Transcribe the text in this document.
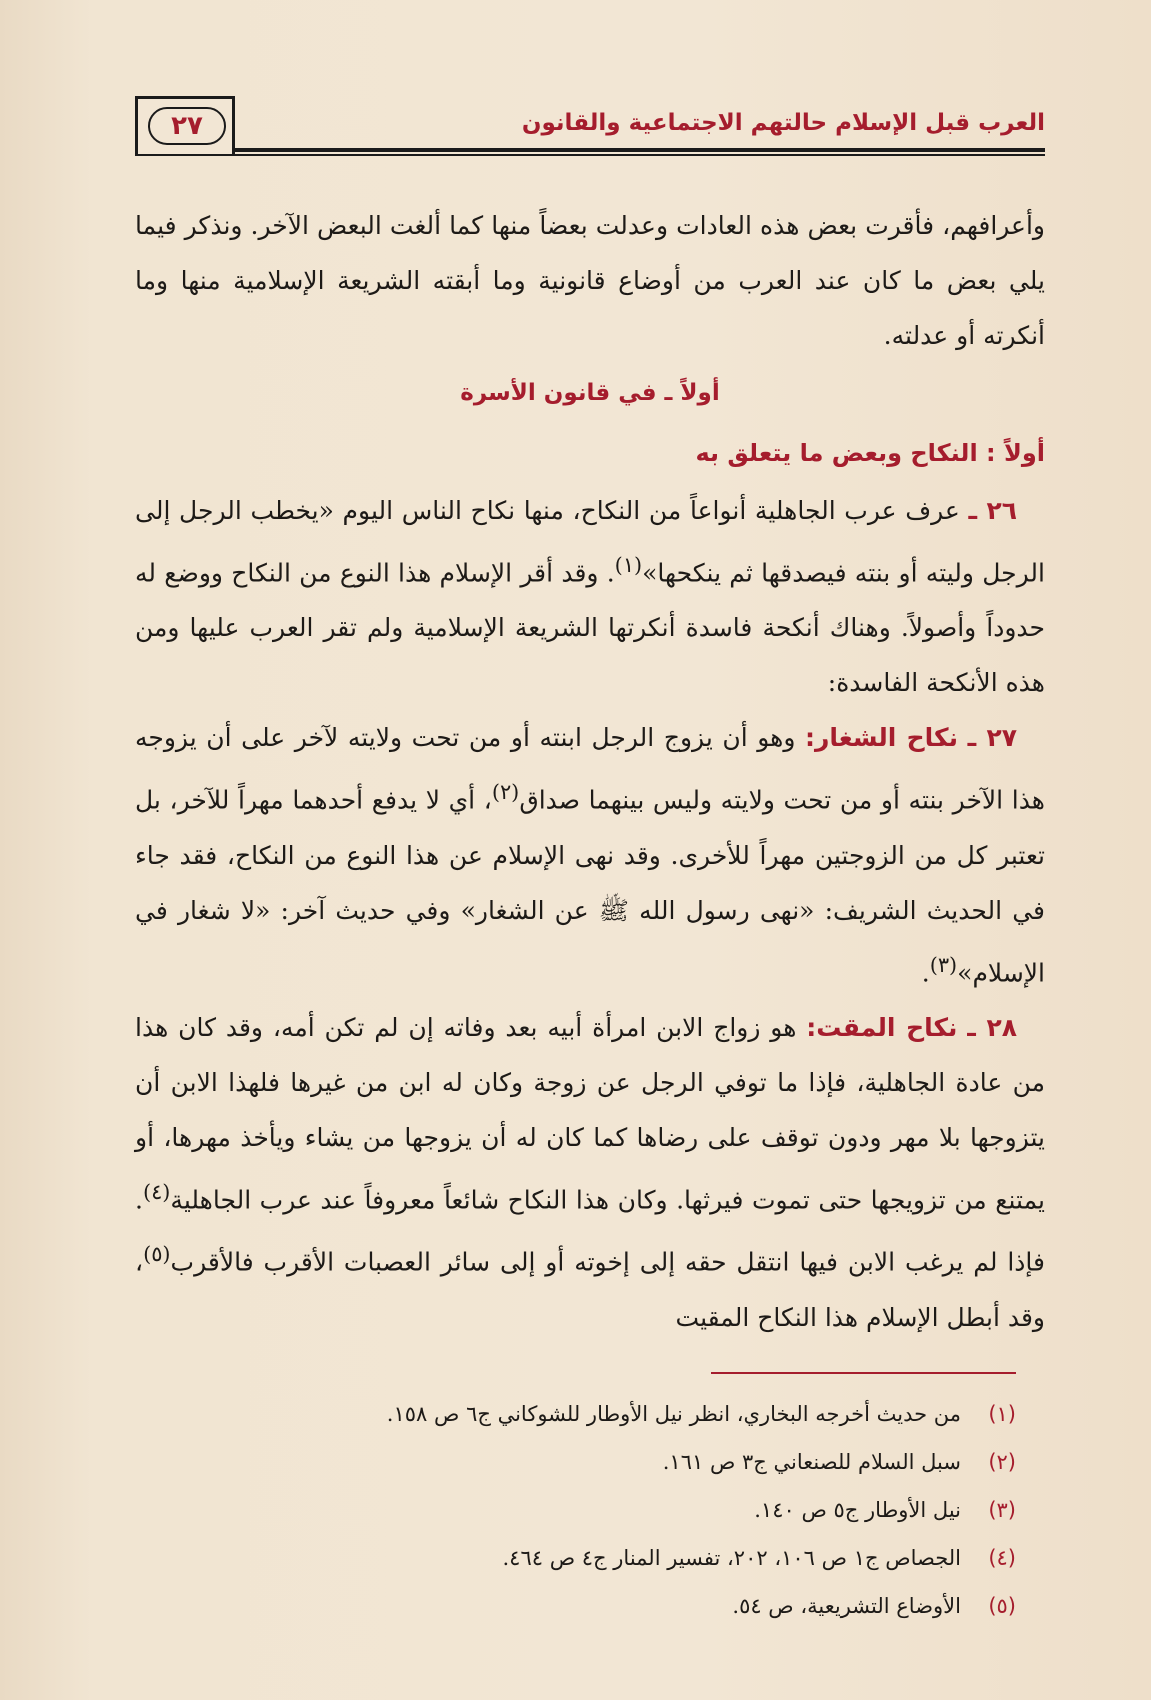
العرب قبل الإسلام حالتهم الاجتماعية والقانون
٢٧

وأعرافهم، فأقرت بعض هذه العادات وعدلت بعضاً منها كما ألغت البعض الآخر. ونذكر فيما يلي بعض ما كان عند العرب من أوضاع قانونية وما أبقته الشريعة الإسلامية منها وما أنكرته أو عدلته.

أولاً ـ في قانون الأسرة
أولاً : النكاح وبعض ما يتعلق به

٢٦ ـ عرف عرب الجاهلية أنواعاً من النكاح، منها نكاح الناس اليوم «يخطب الرجل إلى الرجل وليته أو بنته فيصدقها ثم ينكحها»$^{(١)}$. وقد أقر الإسلام هذا النوع من النكاح ووضع له حدوداً وأصولاً. وهناك أنكحة فاسدة أنكرتها الشريعة الإسلامية ولم تقر العرب عليها ومن هذه الأنكحة الفاسدة:

٢٧ ـ نكاح الشغار: وهو أن يزوج الرجل ابنته أو من تحت ولايته لآخر على أن يزوجه هذا الآخر بنته أو من تحت ولايته وليس بينهما صداق$^{(٢)}$، أي لا يدفع أحدهما مهراً للآخر، بل تعتبر كل من الزوجتين مهراً للأخرى. وقد نهى الإسلام عن هذا النوع من النكاح، فقد جاء في الحديث الشريف: «نهى رسول الله ﷺ عن الشغار» وفي حديث آخر: «لا شغار في الإسلام»$^{(٣)}$.

٢٨ ـ نكاح المقت: هو زواج الابن امرأة أبيه بعد وفاته إن لم تكن أمه، وقد كان هذا من عادة الجاهلية، فإذا ما توفي الرجل عن زوجة وكان له ابن من غيرها فلهذا الابن أن يتزوجها بلا مهر ودون توقف على رضاها كما كان له أن يزوجها من يشاء ويأخذ مهرها، أو يمتنع من تزويجها حتى تموت فيرثها. وكان هذا النكاح شائعاً معروفاً عند عرب الجاهلية$^{(٤)}$. فإذا لم يرغب الابن فيها انتقل حقه إلى إخوته أو إلى سائر العصبات الأقرب فالأقرب$^{(٥)}$، وقد أبطل الإسلام هذا النكاح المقيت

(١)
من حديث أخرجه البخاري، انظر نيل الأوطار للشوكاني ج٦ ص ١٥٨.
(٢)
سبل السلام للصنعاني ج٣ ص ١٦١.
(٣)
نيل الأوطار ج٥ ص ١٤٠.
(٤)
الجصاص ج١ ص ١٠٦، ٢٠٢، تفسير المنار ج٤ ص ٤٦٤.
(٥)
الأوضاع التشريعية، ص ٥٤.
